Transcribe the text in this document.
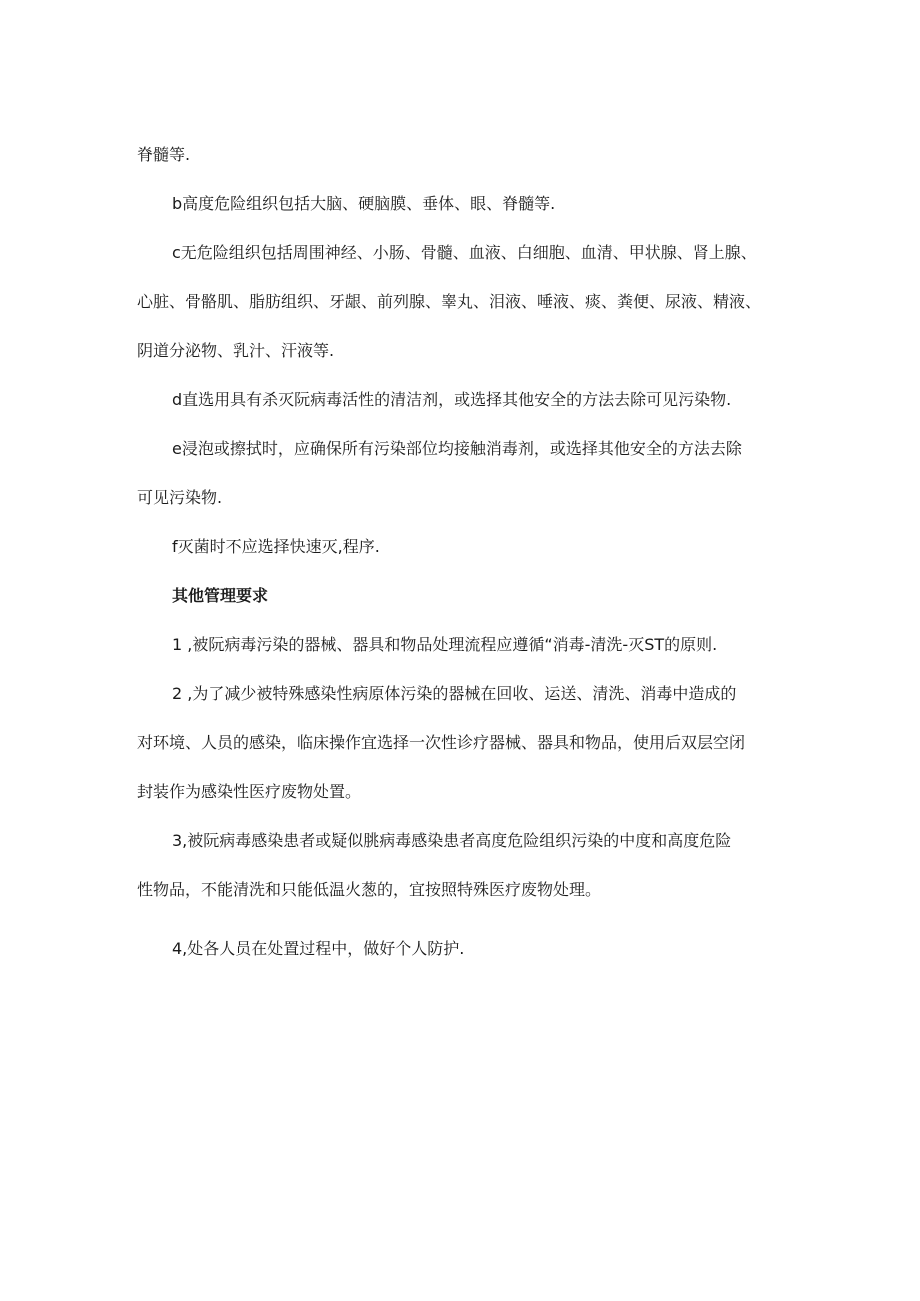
脊髓等.
b高度危险组织包括大脑、硬脑膜、垂体、眼、脊髓等.
c无危险组织包括周围神经、小肠、骨髓、血液、白细胞、血清、甲状腺、肾上腺、
心脏、骨骼肌、脂肪组织、牙龈、前列腺、睾丸、泪液、唾液、痰、粪便、尿液、精液、
阴道分泌物、乳汁、汗液等.
d直选用具有杀灭阮病毒活性的清洁剂，或选择其他安全的方法去除可见污染物.
e浸泡或擦拭时，应确保所有污染部位均接触消毒剂，或选择其他安全的方法去除
可见污染物.
f灭菌时不应选择快速灭,程序.
其他管理要求
1 ,被阮病毒污染的器械、器具和物品处理流程应遵循“消毒-清洗-灭ST的原则.
2 ,为了减少被特殊感染性病原体污染的器械在回收、运送、清洗、消毒中造成的
对环境、人员的感染，临床操作宜选择一次性诊疗器械、器具和物品，使用后双层空闭
封装作为感染性医疗废物处置。
3,被阮病毒感染患者或疑似朓病毒感染患者高度危险组织污染的中度和高度危险
性物品，不能清洗和只能低温火葱的，宜按照特殊医疗废物处理。
4,处各人员在处置过程中，做好个人防护.
